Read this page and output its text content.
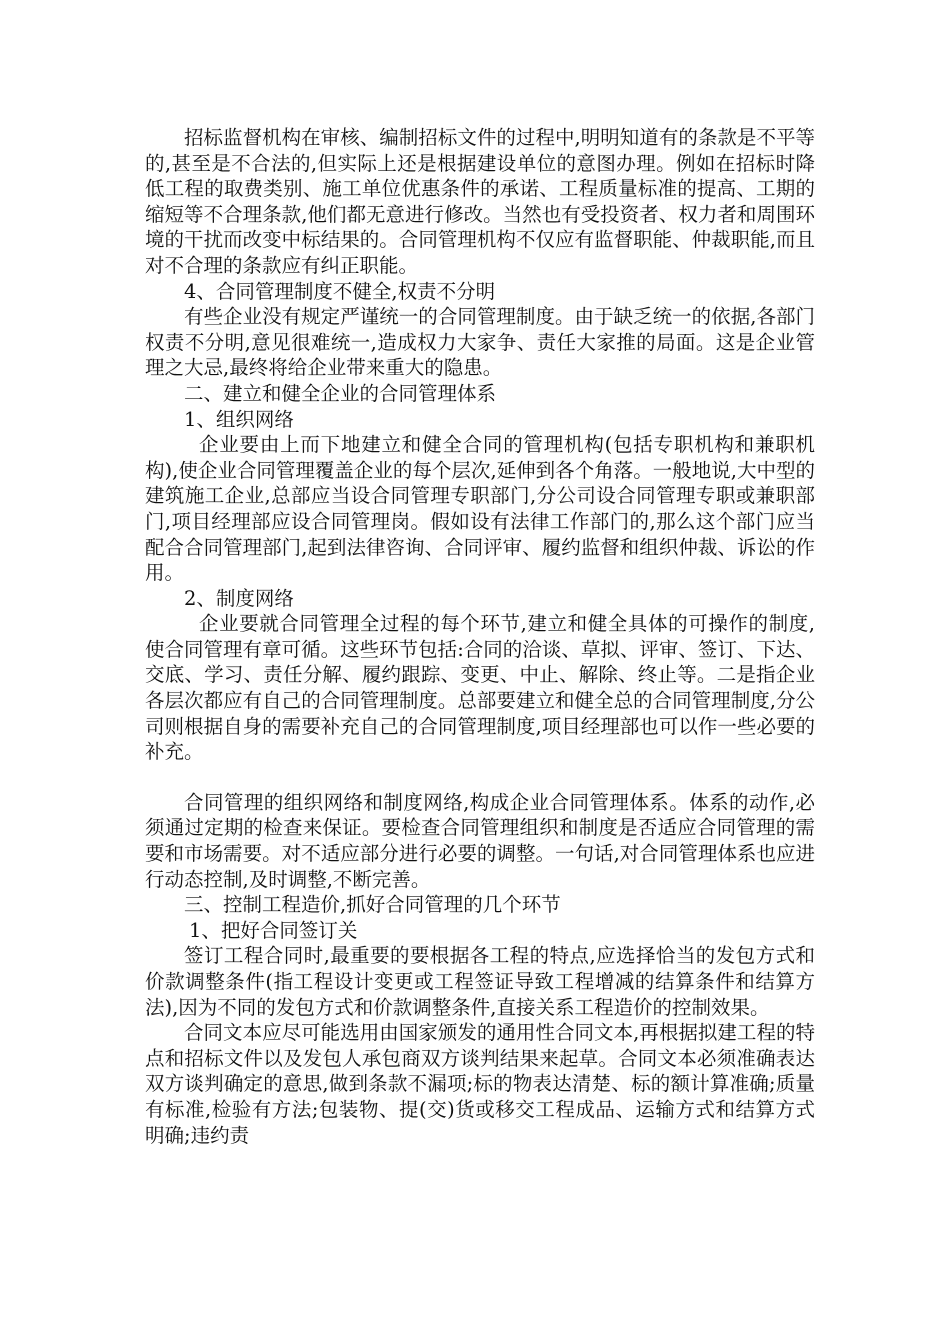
招标监督机构在审核、编制招标文件的过程中,明明知道有的条款是不平等的,甚至是不合法的,但实际上还是根据建设单位的意图办理。例如在招标时降低工程的取费类别、施工单位优惠条件的承诺、工程质量标准的提高、工期的缩短等不合理条款,他们都无意进行修改。当然也有受投资者、权力者和周围环境的干扰而改变中标结果的。合同管理机构不仅应有监督职能、仲裁职能,而且对不合理的条款应有纠正职能。

4、合同管理制度不健全,权责不分明

有些企业没有规定严谨统一的合同管理制度。由于缺乏统一的依据,各部门权责不分明,意见很难统一,造成权力大家争、责任大家推的局面。这是企业管理之大忌,最终将给企业带来重大的隐患。

二、建立和健全企业的合同管理体系

1、组织网络

企业要由上而下地建立和健全合同的管理机构(包括专职机构和兼职机构),使企业合同管理覆盖企业的每个层次,延伸到各个角落。一般地说,大中型的建筑施工企业,总部应当设合同管理专职部门,分公司设合同管理专职或兼职部门,项目经理部应设合同管理岗。假如设有法律工作部门的,那么这个部门应当配合合同管理部门,起到法律咨询、合同评审、履约监督和组织仲裁、诉讼的作用。

2、制度网络

企业要就合同管理全过程的每个环节,建立和健全具体的可操作的制度,使合同管理有章可循。这些环节包括:合同的洽谈、草拟、评审、签订、下达、交底、学习、责任分解、履约跟踪、变更、中止、解除、终止等。二是指企业各层次都应有自己的合同管理制度。总部要建立和健全总的合同管理制度,分公司则根据自身的需要补充自己的合同管理制度,项目经理部也可以作一些必要的补充。

合同管理的组织网络和制度网络,构成企业合同管理体系。体系的动作,必须通过定期的检查来保证。要检查合同管理组织和制度是否适应合同管理的需要和市场需要。对不适应部分进行必要的调整。一句话,对合同管理体系也应进行动态控制,及时调整,不断完善。

三、控制工程造价,抓好合同管理的几个环节

1、把好合同签订关

签订工程合同时,最重要的要根据各工程的特点,应选择恰当的发包方式和价款调整条件(指工程设计变更或工程签证导致工程增减的结算条件和结算方法),因为不同的发包方式和价款调整条件,直接关系工程造价的控制效果。

合同文本应尽可能选用由国家颁发的通用性合同文本,再根据拟建工程的特点和招标文件以及发包人承包商双方谈判结果来起草。合同文本必须准确表达双方谈判确定的意思,做到条款不漏项;标的物表达清楚、标的额计算准确;质量有标准,检验有方法;包装物、提(交)货或移交工程成品、运输方式和结算方式明确;违约责
